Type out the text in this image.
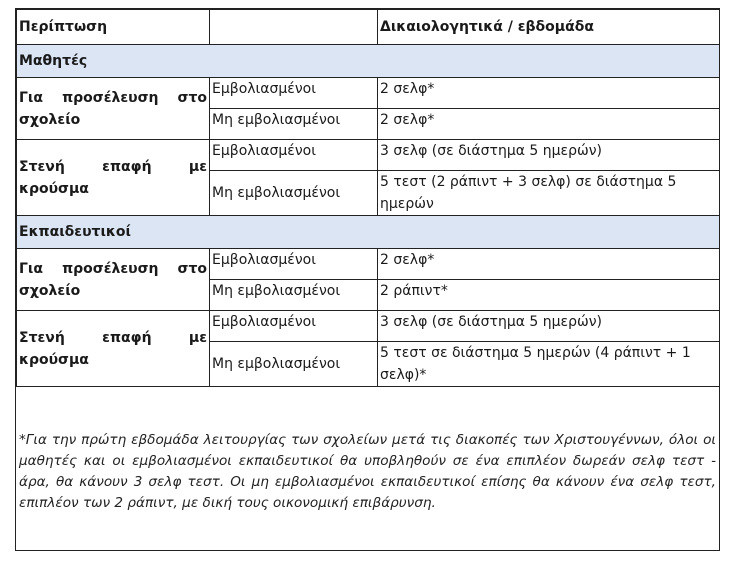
Περίπτωση		Δικαιολογητικά / εβδομάδα
Μαθητές		
Για προσέλευση στο σχολείο	Εμβολιασμένοι	2 σελφ*
	Μη εμβολιασμένοι	2 σελφ*
Στενή επαφή με κρούσμα	Εμβολιασμένοι	3 σελφ (σε διάστημα 5 ημερών)
	Μη εμβολιασμένοι	5 τεστ (2 ράπιντ + 3 σελφ) σε διάστημα 5 ημερών
Εκπαιδευτικοί		
Για προσέλευση στο σχολείο	Εμβολιασμένοι	2 σελφ*
	Μη εμβολιασμένοι	2 ράπιντ*
Στενή επαφή με κρούσμα	Εμβολιασμένοι	3 σελφ (σε διάστημα 5 ημερών)
	Μη εμβολιασμένοι	5 τεστ σε διάστημα 5 ημερών (4 ράπιντ + 1 σελφ)*
*Για την πρώτη εβδομάδα λειτουργίας των σχολείων μετά τις διακοπές των Χριστουγέννων, όλοι οι μαθητές και οι εμβολιασμένοι εκπαιδευτικοί θα υποβληθούν σε ένα επιπλέον δωρεάν σελφ τεστ - άρα, θα κάνουν 3 σελφ τεστ. Οι μη εμβολιασμένοι εκπαιδευτικοί επίσης θα κάνουν ένα σελφ τεστ, επιπλέον των 2 ράπιντ, με δική τους οικονομική επιβάρυνση.
